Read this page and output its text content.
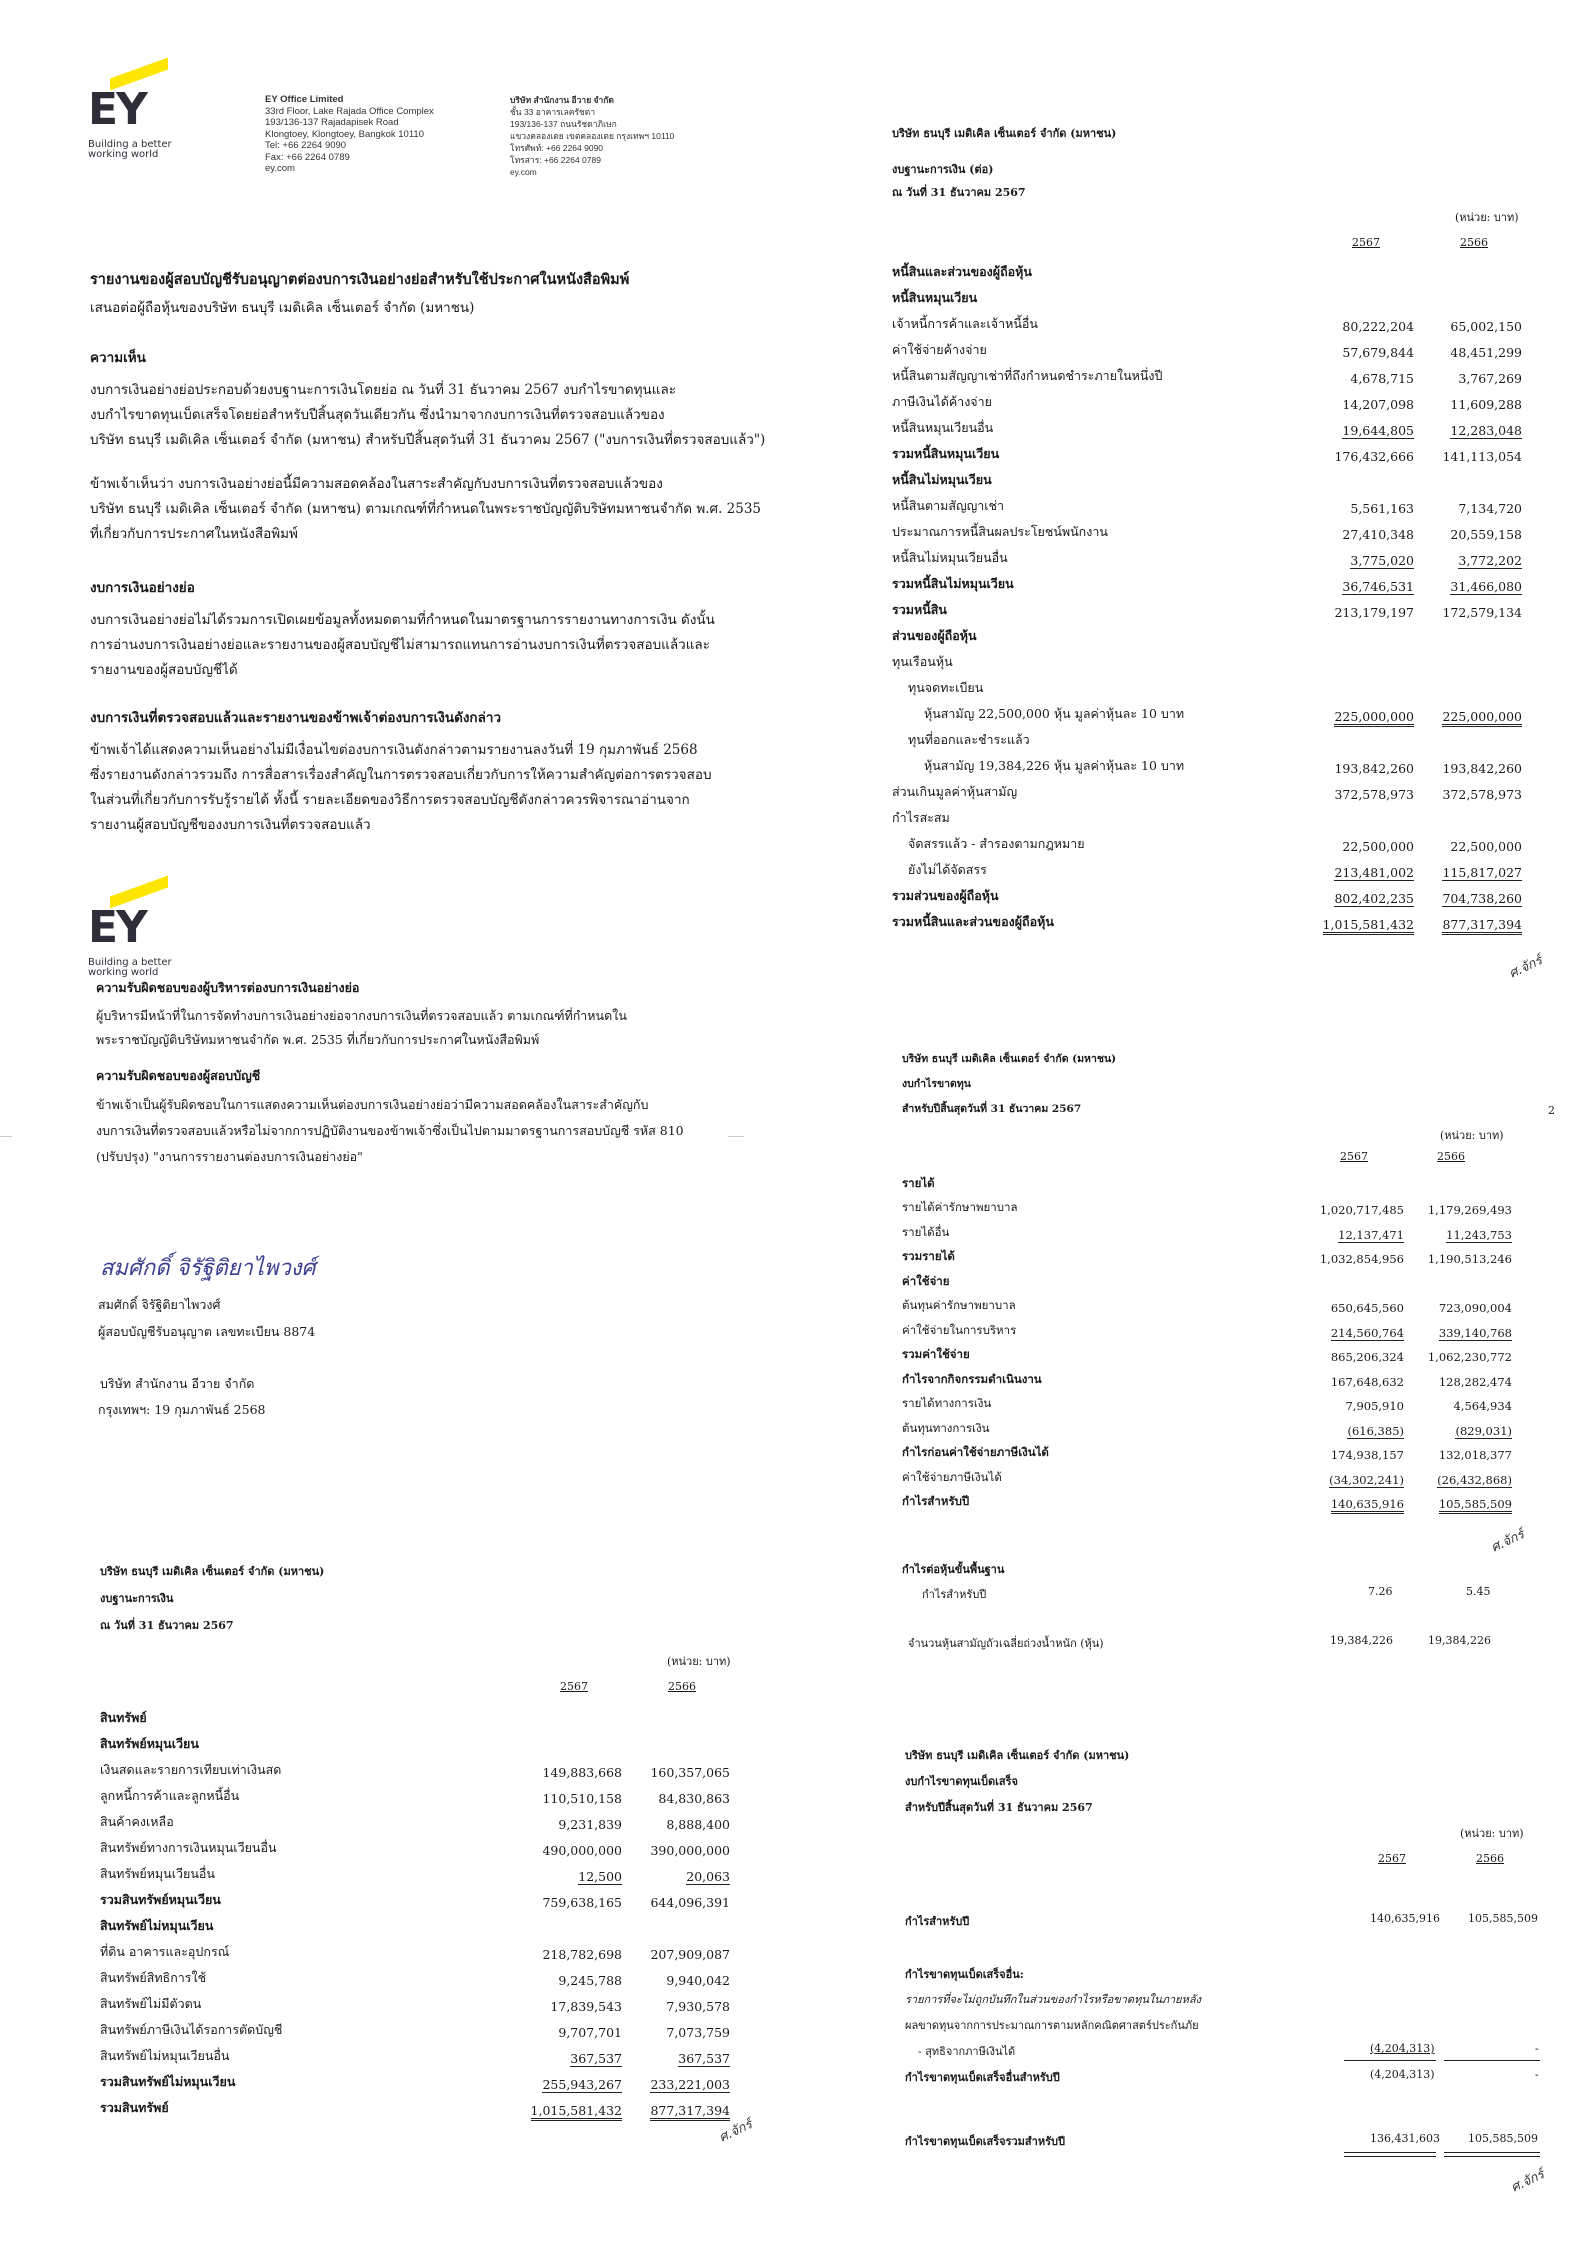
EY
Building a better
working world
EY Office Limited
33rd Floor, Lake Rajada Office Complex
193/136-137 Rajadapisek Road
Klongtoey, Klongtoey, Bangkok 10110
Tel: +66 2264 9090
Fax: +66 2264 0789
ey.com
บริษัท สำนักงาน อีวาย จำกัด
ชั้น 33 อาคารเลครัชดา
193/136-137 ถนนรัชดาภิเษก
แขวงคลองเตย เขตคลองเตย กรุงเทพฯ 10110
โทรศัพท์: +66 2264 9090
โทรสาร: +66 2264 0789
ey.com
รายงานของผู้สอบบัญชีรับอนุญาตต่องบการเงินอย่างย่อสำหรับใช้ประกาศในหนังสือพิมพ์
เสนอต่อผู้ถือหุ้นของบริษัท ธนบุรี เมดิเคิล เซ็นเตอร์ จำกัด (มหาชน)
ความเห็น
งบการเงินอย่างย่อประกอบด้วยงบฐานะการเงินโดยย่อ ณ วันที่ 31 ธันวาคม 2567 งบกำไรขาดทุนและ
งบกำไรขาดทุนเบ็ดเสร็จโดยย่อสำหรับปีสิ้นสุดวันเดียวกัน ซึ่งนำมาจากงบการเงินที่ตรวจสอบแล้วของ
บริษัท ธนบุรี เมดิเคิล เซ็นเตอร์ จำกัด (มหาชน) สำหรับปีสิ้นสุดวันที่ 31 ธันวาคม 2567 ("งบการเงินที่ตรวจสอบแล้ว")
ข้าพเจ้าเห็นว่า งบการเงินอย่างย่อนี้มีความสอดคล้องในสาระสำคัญกับงบการเงินที่ตรวจสอบแล้วของ
บริษัท ธนบุรี เมดิเคิล เซ็นเตอร์ จำกัด (มหาชน) ตามเกณฑ์ที่กำหนดในพระราชบัญญัติบริษัทมหาชนจำกัด พ.ศ. 2535
ที่เกี่ยวกับการประกาศในหนังสือพิมพ์
งบการเงินอย่างย่อ
งบการเงินอย่างย่อไม่ได้รวมการเปิดเผยข้อมูลทั้งหมดตามที่กำหนดในมาตรฐานการรายงานทางการเงิน ดังนั้น
การอ่านงบการเงินอย่างย่อและรายงานของผู้สอบบัญชีไม่สามารถแทนการอ่านงบการเงินที่ตรวจสอบแล้วและ
รายงานของผู้สอบบัญชีได้
งบการเงินที่ตรวจสอบแล้วและรายงานของข้าพเจ้าต่องบการเงินดังกล่าว
ข้าพเจ้าได้แสดงความเห็นอย่างไม่มีเงื่อนไขต่องบการเงินดังกล่าวตามรายงานลงวันที่ 19 กุมภาพันธ์ 2568
ซึ่งรายงานดังกล่าวรวมถึง การสื่อสารเรื่องสำคัญในการตรวจสอบเกี่ยวกับการให้ความสำคัญต่อการตรวจสอบ
ในส่วนที่เกี่ยวกับการรับรู้รายได้ ทั้งนี้ รายละเอียดของวิธีการตรวจสอบบัญชีดังกล่าวควรพิจารณาอ่านจาก
รายงานผู้สอบบัญชีของงบการเงินที่ตรวจสอบแล้ว
EY
Building a better
working world
ความรับผิดชอบของผู้บริหารต่องบการเงินอย่างย่อ
ผู้บริหารมีหน้าที่ในการจัดทำงบการเงินอย่างย่อจากงบการเงินที่ตรวจสอบแล้ว ตามเกณฑ์ที่กำหนดใน
พระราชบัญญัติบริษัทมหาชนจำกัด พ.ศ. 2535 ที่เกี่ยวกับการประกาศในหนังสือพิมพ์
ความรับผิดชอบของผู้สอบบัญชี
ข้าพเจ้าเป็นผู้รับผิดชอบในการแสดงความเห็นต่องบการเงินอย่างย่อว่ามีความสอดคล้องในสาระสำคัญกับ
งบการเงินที่ตรวจสอบแล้วหรือไม่จากการปฏิบัติงานของข้าพเจ้าซึ่งเป็นไปตามมาตรฐานการสอบบัญชี รหัส 810
(ปรับปรุง) "งานการรายงานต่องบการเงินอย่างย่อ"
สมศักดิ์ จิรัฐิติยาไพวงศ์
สมศักดิ์ จิรัฐิติยาไพวงศ์
ผู้สอบบัญชีรับอนุญาต เลขทะเบียน 8874
บริษัท สำนักงาน อีวาย จำกัด
กรุงเทพฯ: 19 กุมภาพันธ์ 2568
บริษัท ธนบุรี เมดิเคิล เซ็นเตอร์ จำกัด (มหาชน)
งบฐานะการเงิน
ณ วันที่ 31 ธันวาคม 2567
(หน่วย: บาท)
2567	2566
สินทรัพย์		
สินทรัพย์หมุนเวียน		
เงินสดและรายการเทียบเท่าเงินสด	149,883,668	160,357,065
ลูกหนี้การค้าและลูกหนี้อื่น	110,510,158	84,830,863
สินค้าคงเหลือ	9,231,839	8,888,400
สินทรัพย์ทางการเงินหมุนเวียนอื่น	490,000,000	390,000,000
สินทรัพย์หมุนเวียนอื่น	12,500	20,063
รวมสินทรัพย์หมุนเวียน	759,638,165	644,096,391
สินทรัพย์ไม่หมุนเวียน		
ที่ดิน อาคารและอุปกรณ์	218,782,698	207,909,087
สินทรัพย์สิทธิการใช้	9,245,788	9,940,042
สินทรัพย์ไม่มีตัวตน	17,839,543	7,930,578
สินทรัพย์ภาษีเงินได้รอการตัดบัญชี	9,707,701	7,073,759
สินทรัพย์ไม่หมุนเวียนอื่น	367,537	367,537
รวมสินทรัพย์ไม่หมุนเวียน	255,943,267	233,221,003
รวมสินทรัพย์	1,015,581,432	877,317,394
ศ.จักร์
บริษัท ธนบุรี เมดิเคิล เซ็นเตอร์ จำกัด (มหาชน)
งบฐานะการเงิน (ต่อ)
ณ วันที่ 31 ธันวาคม 2567
(หน่วย: บาท)
2567	2566
หนี้สินและส่วนของผู้ถือหุ้น		
หนี้สินหมุนเวียน		
เจ้าหนี้การค้าและเจ้าหนี้อื่น	80,222,204	65,002,150
ค่าใช้จ่ายค้างจ่าย	57,679,844	48,451,299
หนี้สินตามสัญญาเช่าที่ถึงกำหนดชำระภายในหนึ่งปี	4,678,715	3,767,269
ภาษีเงินได้ค้างจ่าย	14,207,098	11,609,288
หนี้สินหมุนเวียนอื่น	19,644,805	12,283,048
รวมหนี้สินหมุนเวียน	176,432,666	141,113,054
หนี้สินไม่หมุนเวียน		
หนี้สินตามสัญญาเช่า	5,561,163	7,134,720
ประมาณการหนี้สินผลประโยชน์พนักงาน	27,410,348	20,559,158
หนี้สินไม่หมุนเวียนอื่น	3,775,020	3,772,202
รวมหนี้สินไม่หมุนเวียน	36,746,531	31,466,080
รวมหนี้สิน	213,179,197	172,579,134
ส่วนของผู้ถือหุ้น		
ทุนเรือนหุ้น		
ทุนจดทะเบียน		
หุ้นสามัญ 22,500,000 หุ้น มูลค่าหุ้นละ 10 บาท	225,000,000	225,000,000
ทุนที่ออกและชำระแล้ว		
หุ้นสามัญ 19,384,226 หุ้น มูลค่าหุ้นละ 10 บาท	193,842,260	193,842,260
ส่วนเกินมูลค่าหุ้นสามัญ	372,578,973	372,578,973
กำไรสะสม		
จัดสรรแล้ว - สำรองตามกฎหมาย	22,500,000	22,500,000
ยังไม่ได้จัดสรร	213,481,002	115,817,027
รวมส่วนของผู้ถือหุ้น	802,402,235	704,738,260
รวมหนี้สินและส่วนของผู้ถือหุ้น	1,015,581,432	877,317,394
ศ.จักร์
บริษัท ธนบุรี เมดิเคิล เซ็นเตอร์ จำกัด (มหาชน)
งบกำไรขาดทุน
สำหรับปีสิ้นสุดวันที่ 31 ธันวาคม 2567	2
(หน่วย: บาท)
2567	2566
รายได้		
รายได้ค่ารักษาพยาบาล	1,020,717,485	1,179,269,493
รายได้อื่น	12,137,471	11,243,753
รวมรายได้	1,032,854,956	1,190,513,246
ค่าใช้จ่าย		
ต้นทุนค่ารักษาพยาบาล	650,645,560	723,090,004
ค่าใช้จ่ายในการบริหาร	214,560,764	339,140,768
รวมค่าใช้จ่าย	865,206,324	1,062,230,772
กำไรจากกิจกรรมดำเนินงาน	167,648,632	128,282,474
รายได้ทางการเงิน	7,905,910	4,564,934
ต้นทุนทางการเงิน	(616,385)	(829,031)
กำไรก่อนค่าใช้จ่ายภาษีเงินได้	174,938,157	132,018,377
ค่าใช้จ่ายภาษีเงินได้	(34,302,241)	(26,432,868)
กำไรสำหรับปี	140,635,916	105,585,509
ศ.จักร์
กำไรต่อหุ้นขั้นพื้นฐาน
กำไรสำหรับปี	7.26	5.45
จำนวนหุ้นสามัญถัวเฉลี่ยถ่วงน้ำหนัก (หุ้น)	19,384,226	19,384,226
บริษัท ธนบุรี เมดิเคิล เซ็นเตอร์ จำกัด (มหาชน)
งบกำไรขาดทุนเบ็ดเสร็จ
สำหรับปีสิ้นสุดวันที่ 31 ธันวาคม 2567
(หน่วย: บาท)
2567	2566
กำไรสำหรับปี	140,635,916	105,585,509
กำไรขาดทุนเบ็ดเสร็จอื่น:
รายการที่จะไม่ถูกบันทึกในส่วนของกำไรหรือขาดทุนในภายหลัง
ผลขาดทุนจากการประมาณการตามหลักคณิตศาสตร์ประกันภัย
- สุทธิจากภาษีเงินได้	(4,204,313)	-
กำไรขาดทุนเบ็ดเสร็จอื่นสำหรับปี	(4,204,313)	-
กำไรขาดทุนเบ็ดเสร็จรวมสำหรับปี	136,431,603	105,585,509
ศ.จักร์
